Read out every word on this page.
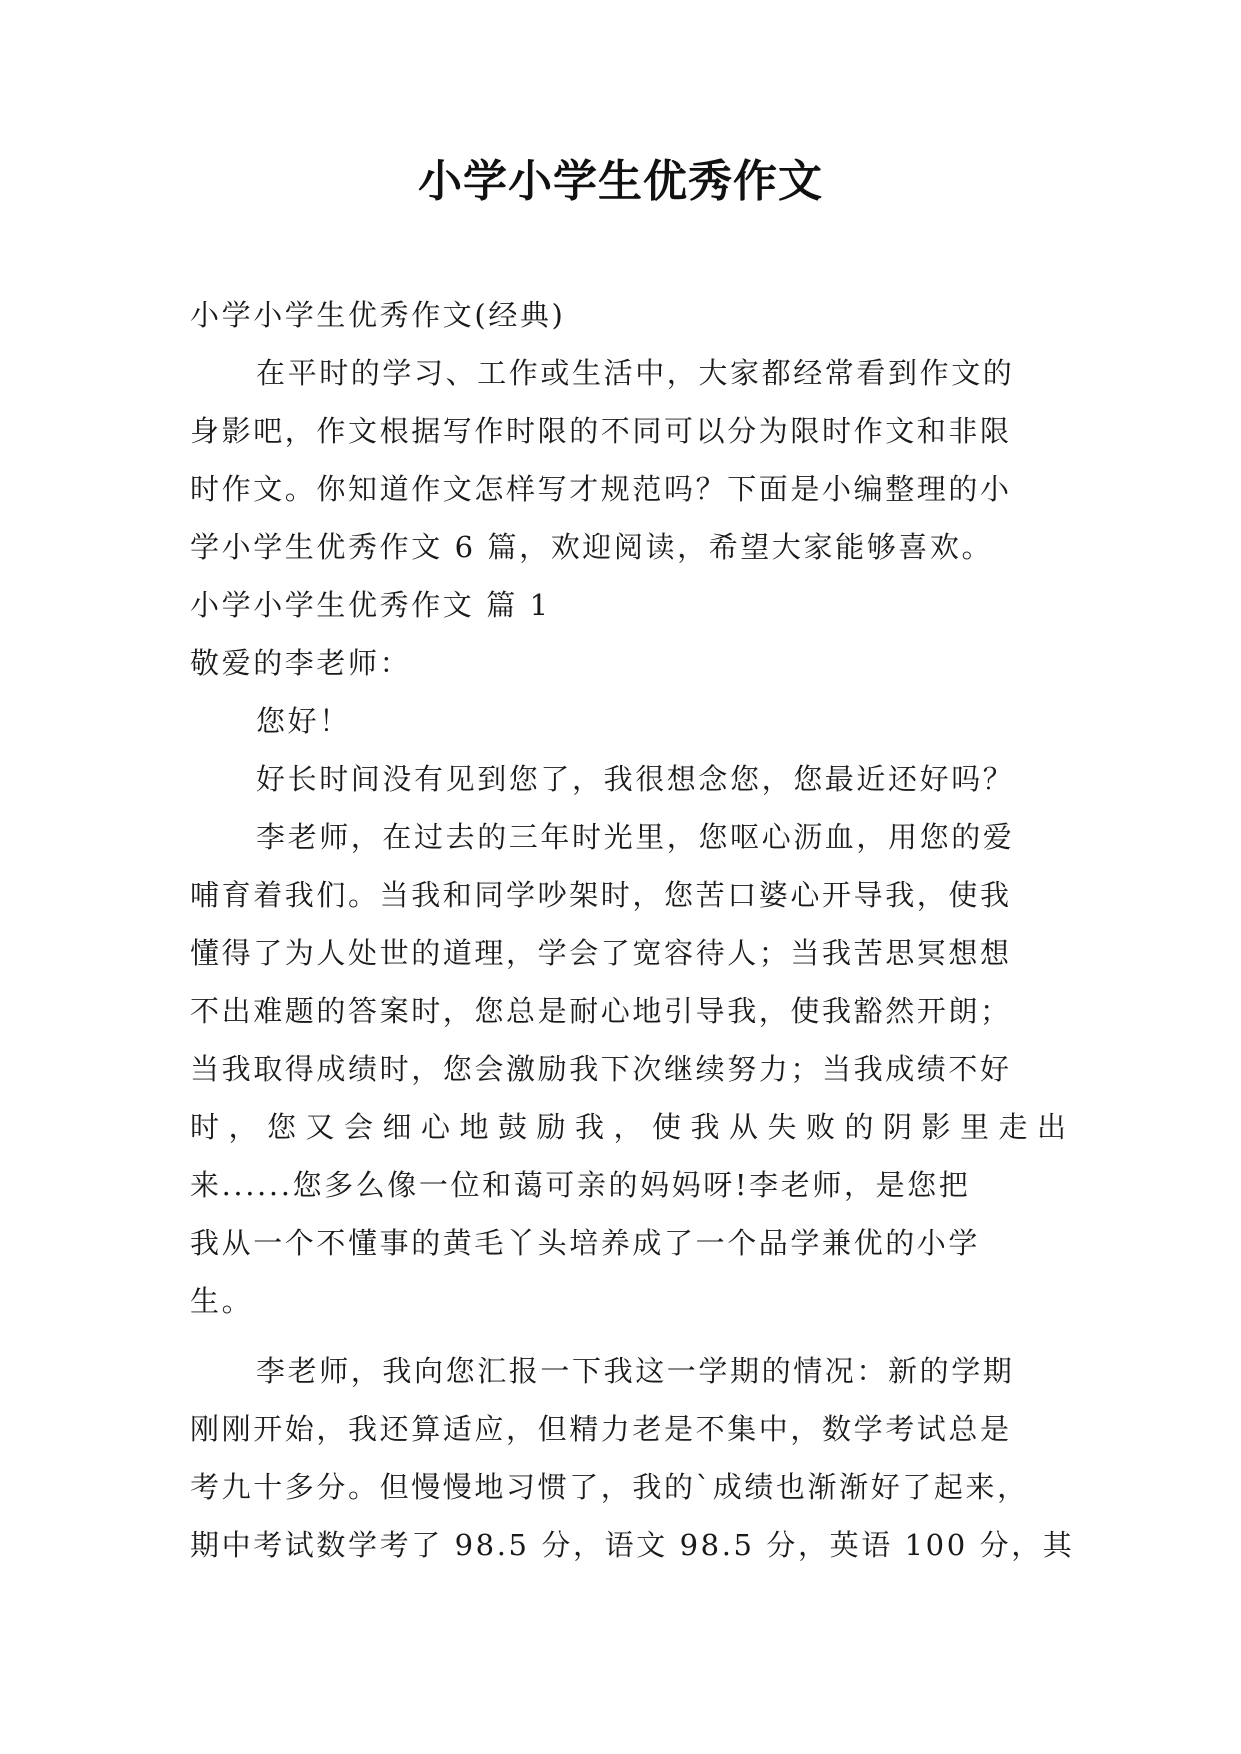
小学小学生优秀作文
小学小学生优秀作文(经典)
在平时的学习、工作或生活中，大家都经常看到作文的
身影吧，作文根据写作时限的不同可以分为限时作文和非限
时作文。你知道作文怎样写才规范吗？下面是小编整理的小
学小学生优秀作文 6 篇，欢迎阅读，希望大家能够喜欢。
小学小学生优秀作文 篇 1
敬爱的李老师：
您好！
好长时间没有见到您了，我很想念您，您最近还好吗？
李老师，在过去的三年时光里，您呕心沥血，用您的爱
哺育着我们。当我和同学吵架时，您苦口婆心开导我，使我
懂得了为人处世的道理，学会了宽容待人；当我苦思冥想想
不出难题的答案时，您总是耐心地引导我，使我豁然开朗；
当我取得成绩时，您会激励我下次继续努力；当我成绩不好
时，您又会细心地鼓励我，使我从失败的阴影里走出
来......您多么像一位和蔼可亲的妈妈呀!李老师，是您把
我从一个不懂事的黄毛丫头培养成了一个品学兼优的小学
生。
李老师，我向您汇报一下我这一学期的情况：新的学期
刚刚开始，我还算适应，但精力老是不集中，数学考试总是
考九十多分。但慢慢地习惯了，我的`成绩也渐渐好了起来，
期中考试数学考了 98.5 分，语文 98.5 分，英语 100 分，其
